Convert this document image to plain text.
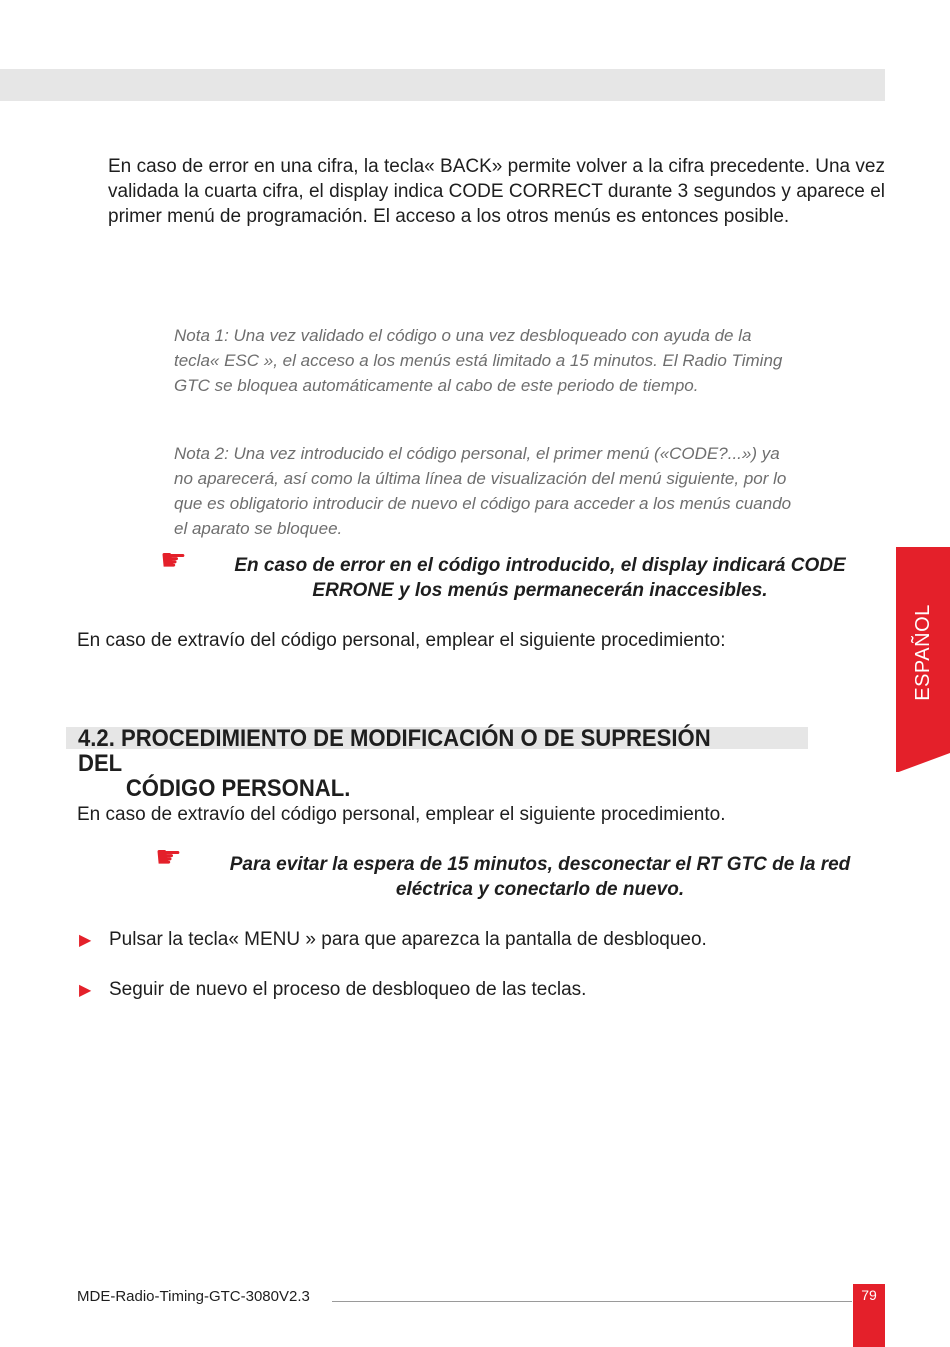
En caso de error en una cifra, la tecla« BACK» permite volver a la cifra precedente. Una vez validada la cuarta cifra, el display indica CODE CORRECT durante 3 segundos y aparece el primer menú de programación. El acceso a los otros menús es entonces posible.

Nota 1: Una vez validado el código o una vez desbloqueado con ayuda de la tecla« ESC », el acceso a los menús está limitado a 15 minutos. El Radio Timing GTC se bloquea automáticamente al cabo de este periodo de tiempo.

Nota 2: Una vez introducido el código personal, el primer menú («CODE?...») ya no aparecerá, así como la última línea de visualización del menú siguiente, por lo que es obligatorio introducir de nuevo el código para acceder a los menús cuando el aparato se bloquee.

☛	En caso de error en el código introducido, el display indicará CODE
ERRONE y los menús permanecerán inaccesibles.

En caso de extravío del código personal, emplear el siguiente procedimiento:

4.2. PROCEDIMIENTO DE MODIFICACIÓN O DE SUPRESIÓN DEL
CÓDIGO PERSONAL.

En caso de extravío del código personal, emplear el siguiente procedimiento.

☛	Para evitar la espera de 15 minutos, desconectar el RT GTC de la red
eléctrica y conectarlo de nuevo.

▶ Pulsar la tecla« MENU » para que aparezca la pantalla de desbloqueo.
▶ Seguir de nuevo el proceso de desbloqueo de las teclas.
ESPAÑOL
MDE-Radio-Timing-GTC-3080V2.3	79
